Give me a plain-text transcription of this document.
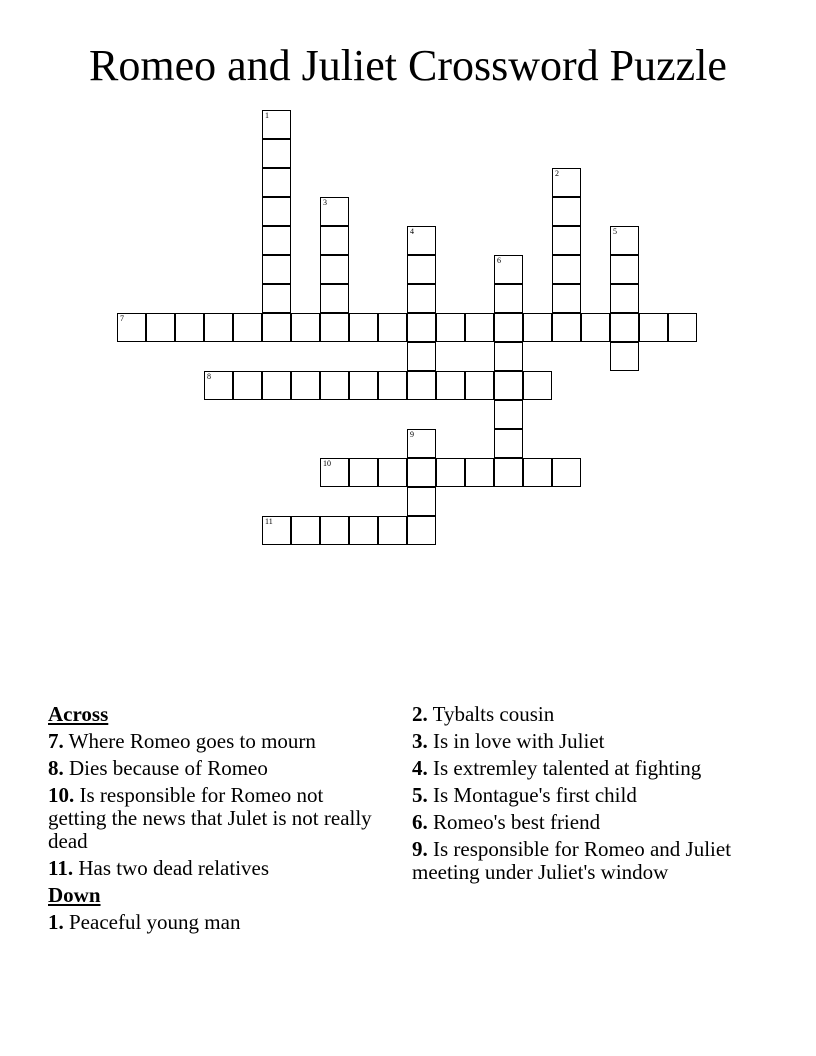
Romeo and Juliet Crossword Puzzle
1
2
3
4	5
6
7
8
9
10
11
Across
7. Where Romeo goes to mourn
8. Dies because of Romeo
10. Is responsible for Romeo not getting the news that Julet is not really dead
11. Has two dead relatives
Down
1. Peaceful young man
2. Tybalts cousin
3. Is in love with Juliet
4. Is extremley talented at fighting
5. Is Montague's first child
6. Romeo's best friend
9. Is responsible for Romeo and Juliet meeting under Juliet's window
